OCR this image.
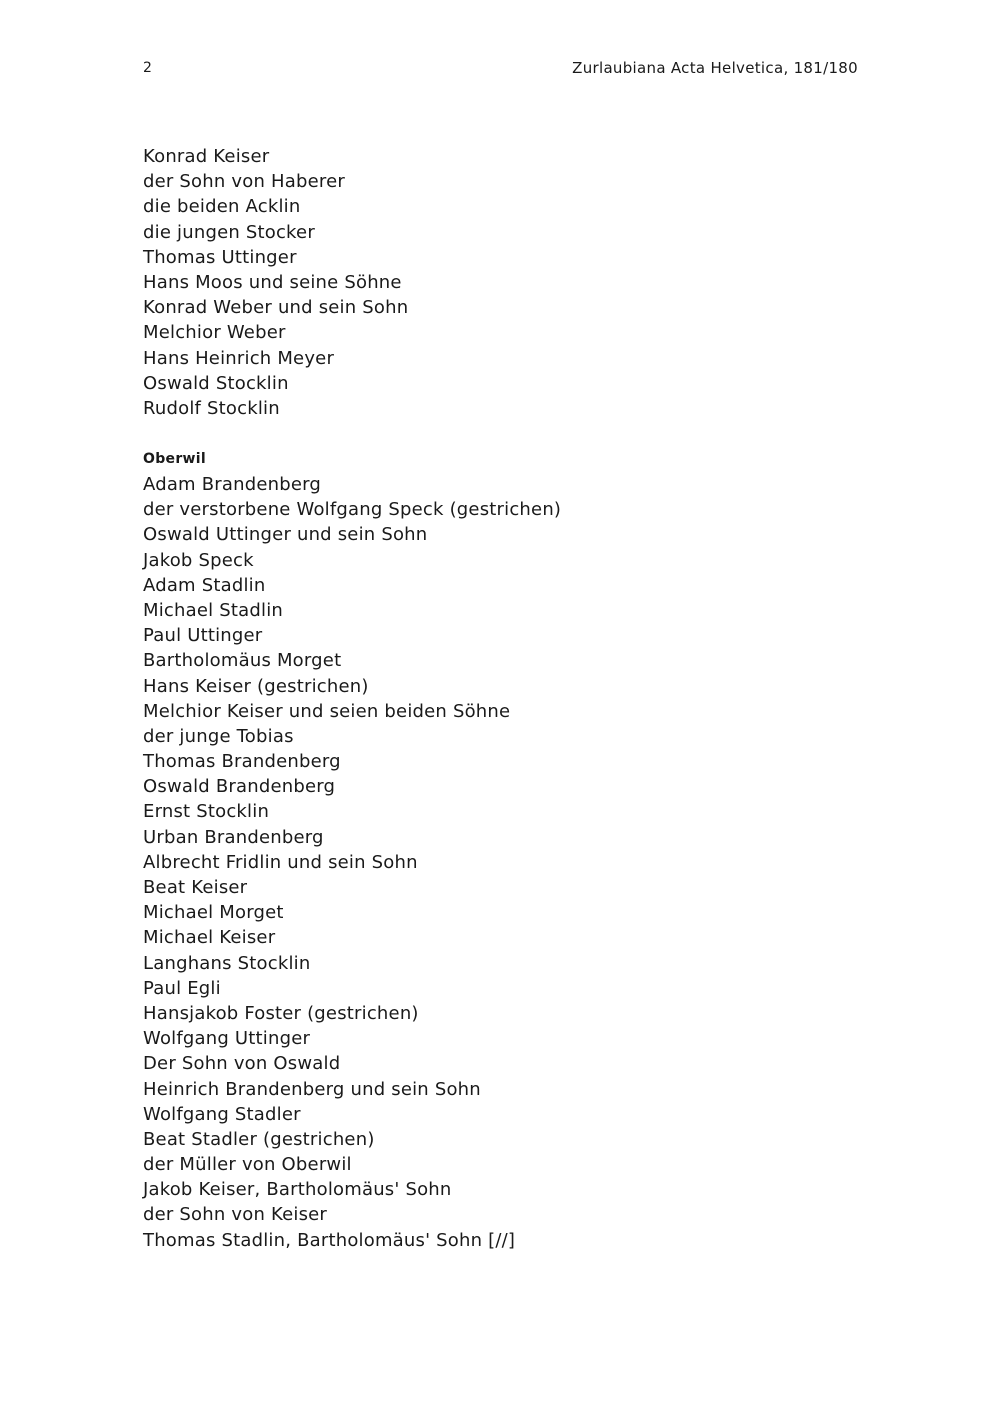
2	Zurlaubiana Acta Helvetica, 181/180
Konrad Keiser
der Sohn von Haberer
die beiden Acklin
die jungen Stocker
Thomas Uttinger
Hans Moos und seine Söhne
Konrad Weber und sein Sohn
Melchior Weber
Hans Heinrich Meyer
Oswald Stocklin
Rudolf Stocklin
Oberwil
Adam Brandenberg
der verstorbene Wolfgang Speck (gestrichen)
Oswald Uttinger und sein Sohn
Jakob Speck
Adam Stadlin
Michael Stadlin
Paul Uttinger
Bartholomäus Morget
Hans Keiser (gestrichen)
Melchior Keiser und seien beiden Söhne
der junge Tobias
Thomas Brandenberg
Oswald Brandenberg
Ernst Stocklin
Urban Brandenberg
Albrecht Fridlin und sein Sohn
Beat Keiser
Michael Morget
Michael Keiser
Langhans Stocklin
Paul Egli
Hansjakob Foster (gestrichen)
Wolfgang Uttinger
Der Sohn von Oswald
Heinrich Brandenberg und sein Sohn
Wolfgang Stadler
Beat Stadler (gestrichen)
der Müller von Oberwil
Jakob Keiser, Bartholomäus' Sohn
der Sohn von Keiser
Thomas Stadlin, Bartholomäus' Sohn [//]
